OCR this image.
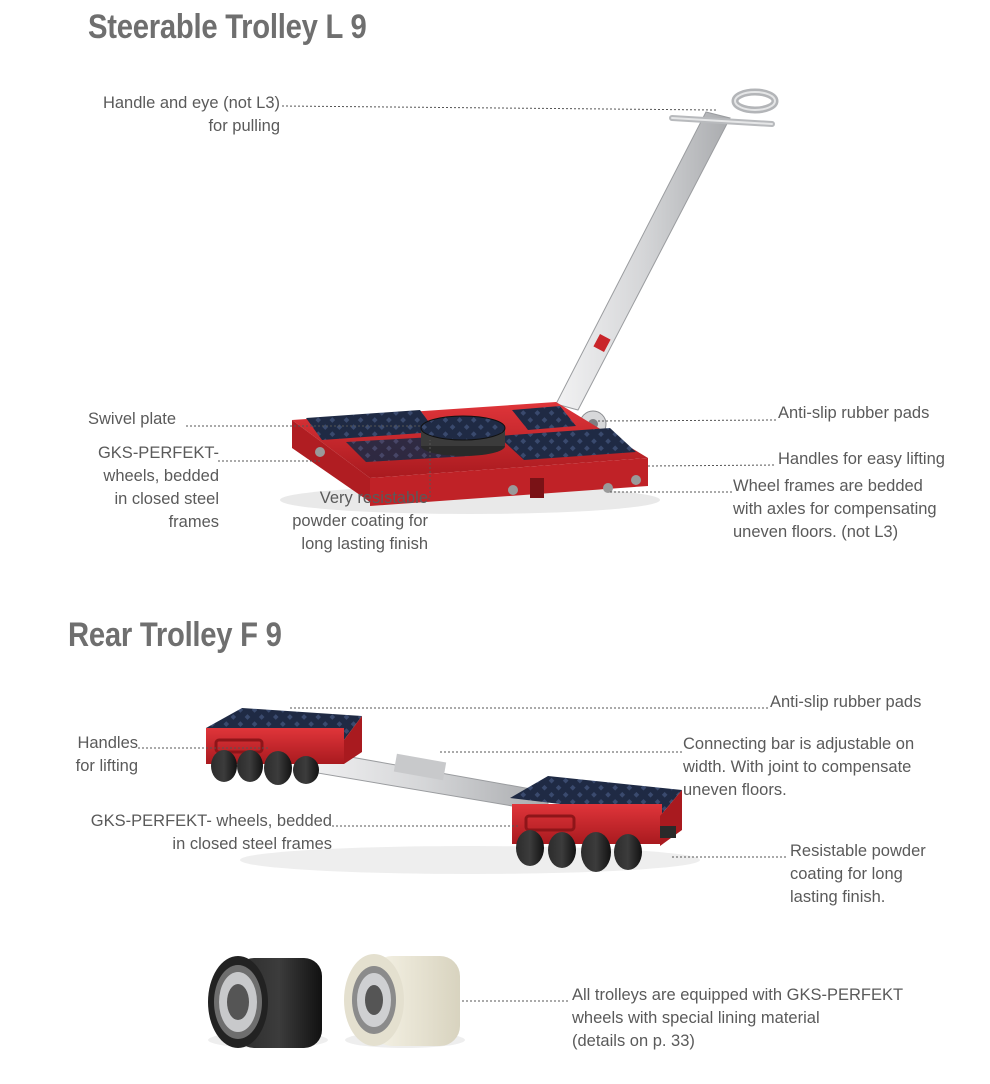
Steerable Trolley L 9
Rear Trolley F 9
Handle and eye (not L3)
for pulling
Swivel plate
GKS-PERFEKT-
wheels, bedded
in closed steel
frames
Very resistable
powder coating for
long lasting finish
Anti-slip rubber pads
Handles for easy lifting
Wheel frames are bedded
with axles for compensating
uneven floors. (not L3)
Anti-slip rubber pads
Handles
for lifting
Connecting bar is adjustable on
width. With joint to compensate
uneven floors.
GKS-PERFEKT- wheels, bedded
in closed steel frames	Resistable powder
coating for long
lasting finish.
All trolleys are equipped with GKS-PERFEKT
wheels with special lining material
(details on p. 33)
